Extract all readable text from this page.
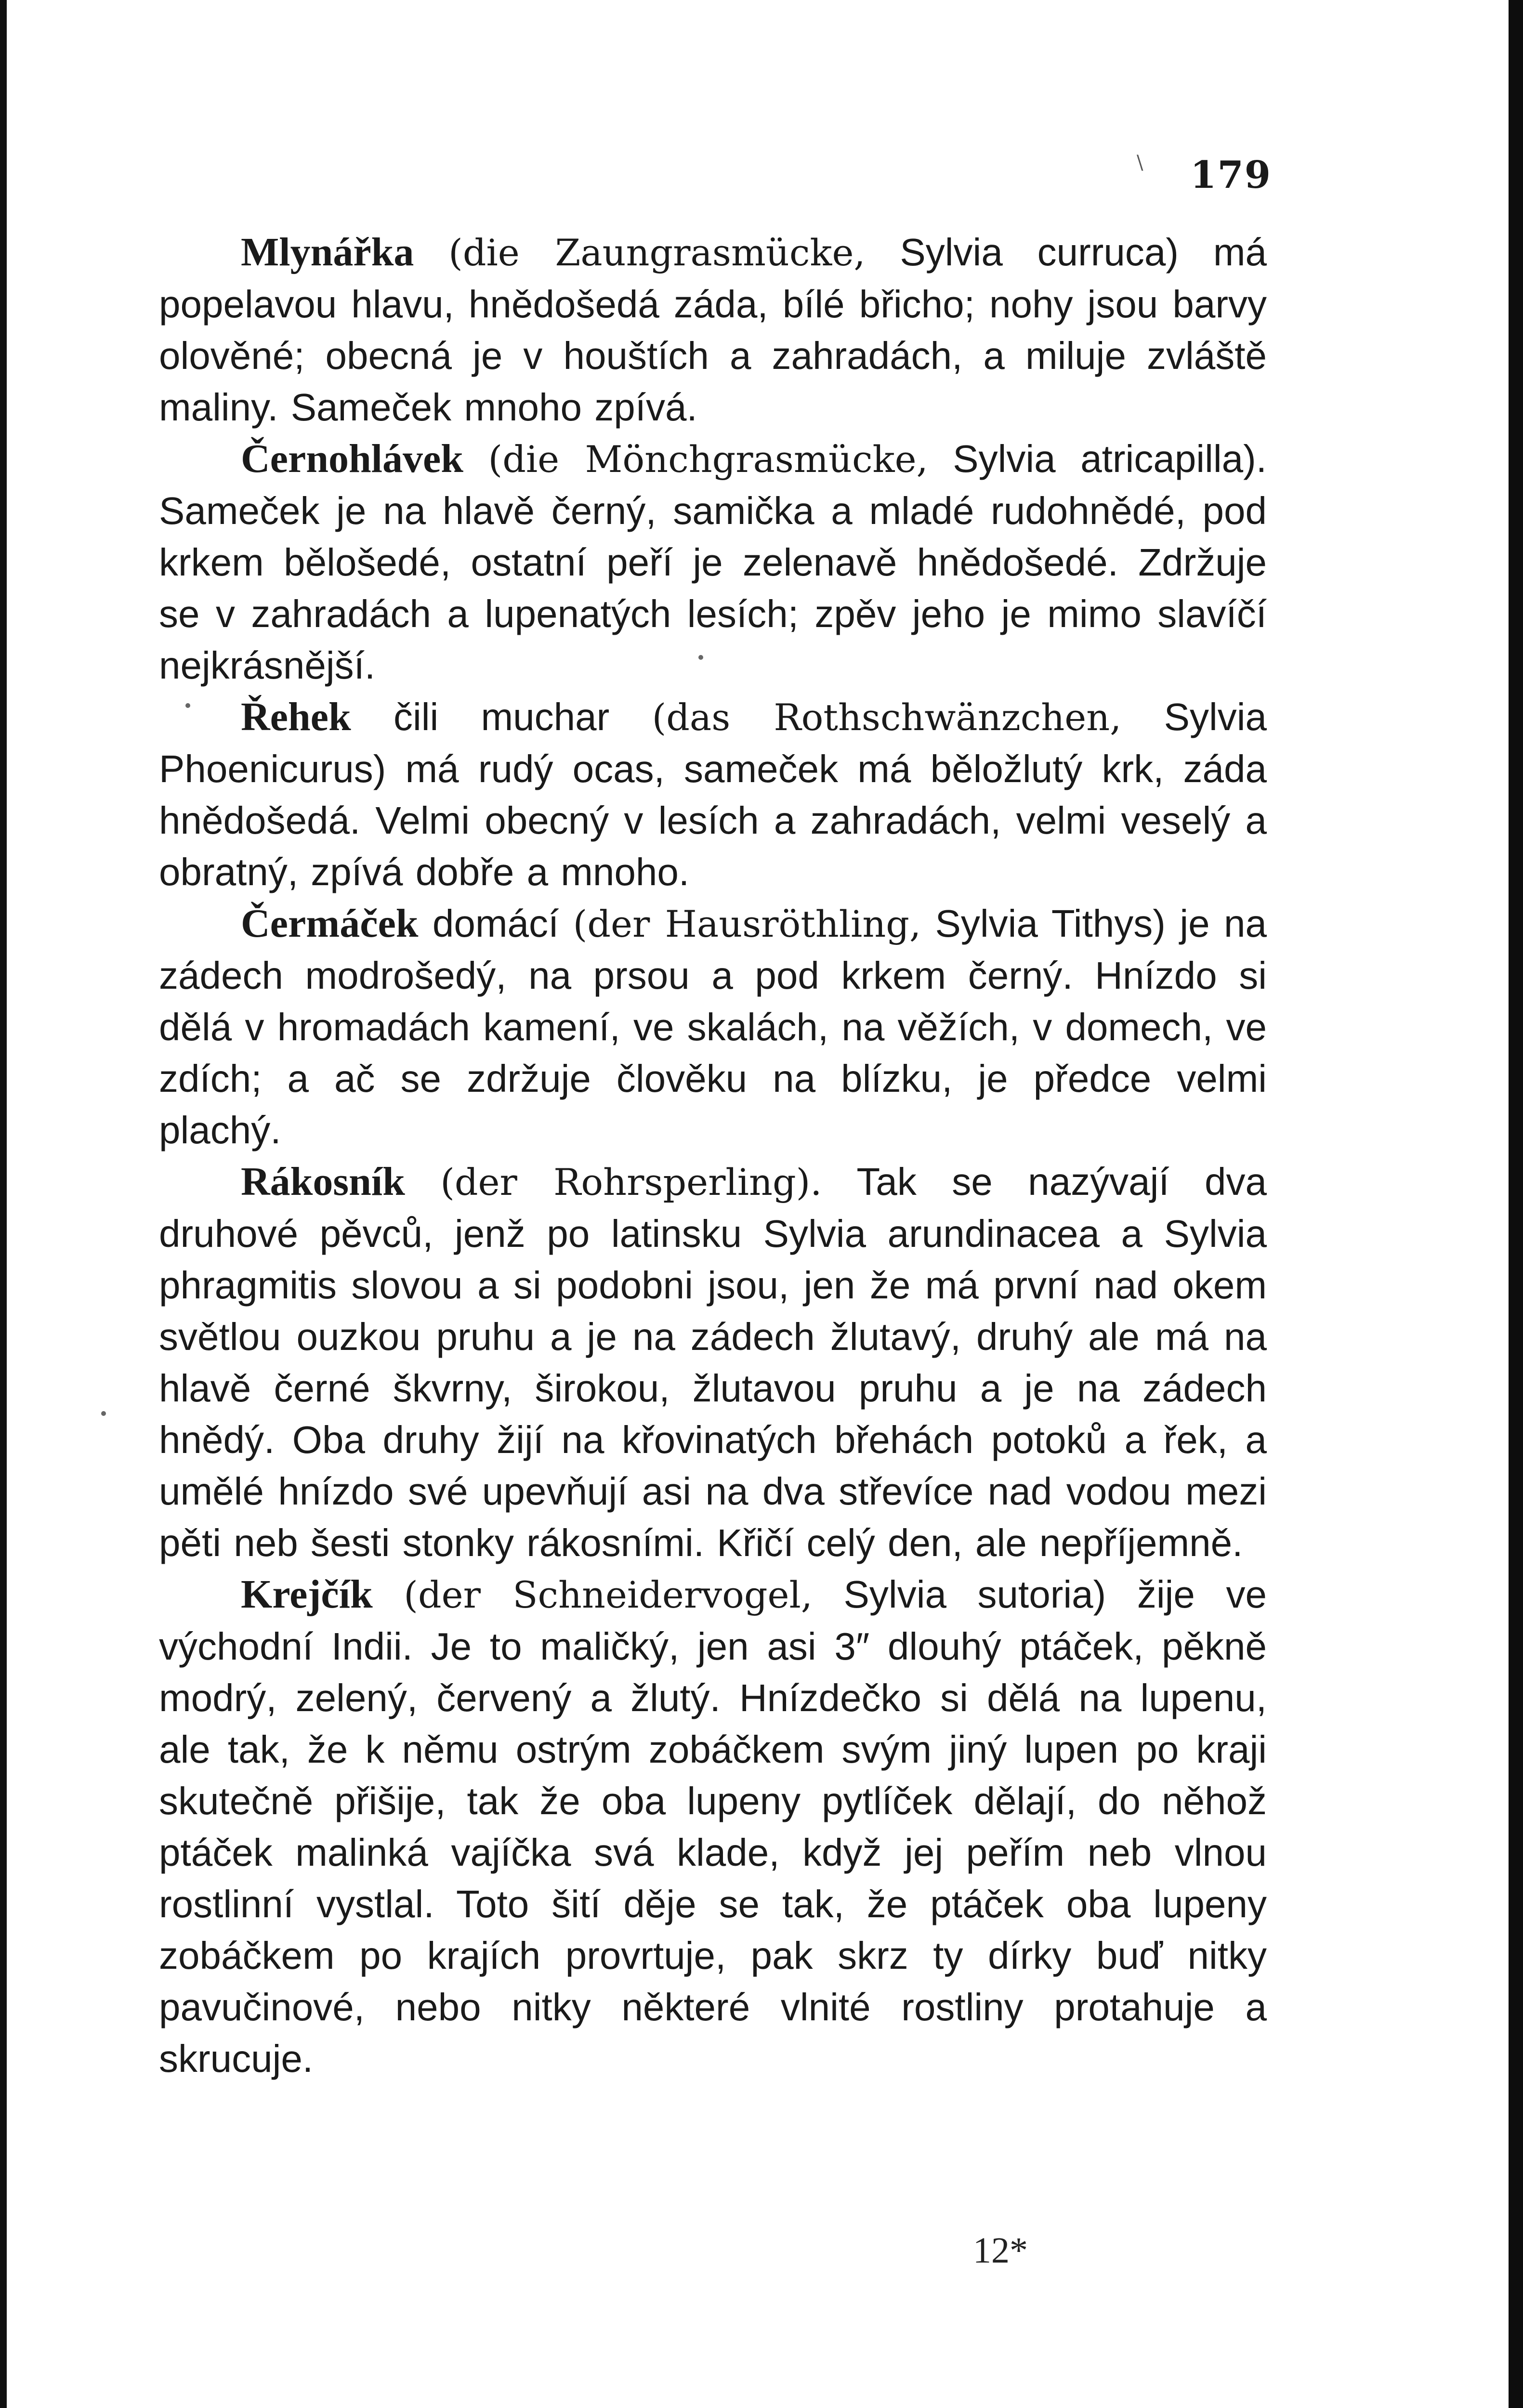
\	179

Mlynářka (die Zaungrasmücke, Sylvia curruca) má popelavou hlavu, hnědošedá záda, bílé břicho; nohy jsou barvy olověné; obecná je v houštích a zahradách, a miluje zvláště maliny. Sameček mnoho zpívá.

Černohlávek (die Mönchgrasmücke, Sylvia atricapilla). Sameček je na hlavě černý, samička a mladé rudohnědé, pod krkem bělošedé, ostatní peří je zelenavě hnědošedé. Zdržuje se v zahradách a lupenatých lesích; zpěv jeho je mimo slavíčí nejkrásnější.

Řehek čili muchar (das Rothschwänzchen, Sylvia Phoenicurus) má rudý ocas, sameček má běložlutý krk, záda hnědošedá. Velmi obecný v lesích a zahradách, velmi veselý a obratný, zpívá dobře a mnoho.

Čermáček domácí (der Hausröthling, Sylvia Tithys) je na zádech modrošedý, na prsou a pod krkem černý. Hnízdo si dělá v hromadách kamení, ve skalách, na věžích, v domech, ve zdích; a ač se zdržuje člověku na blízku, je předce velmi plachý.

Rákosník (der Rohrsperling). Tak se nazývají dva druhové pěvců, jenž po latinsku Sylvia arundinacea a Sylvia phragmitis slovou a si podobni jsou, jen že má první nad okem světlou ouzkou pruhu a je na zádech žlutavý, druhý ale má na hlavě černé škvrny, širokou, žlutavou pruhu a je na zádech hnědý. Oba druhy žijí na křovinatých břehách potoků a řek, a umělé hnízdo své upevňují asi na dva střevíce nad vodou mezi pěti neb šesti stonky rákosními. Křičí celý den, ale nepříjemně.

Krejčík (der Schneidervogel, Sylvia sutoria) žije ve východní Indii. Je to maličký, jen asi 3″ dlouhý ptáček, pěkně modrý, zelený, červený a žlutý. Hnízdečko si dělá na lupenu, ale tak, že k němu ostrým zobáčkem svým jiný lupen po kraji skutečně přišije, tak že oba lupeny pytlíček dělají, do něhož ptáček malinká vajíčka svá klade, když jej peřím neb vlnou rostlinní vystlal. Toto šití děje se tak, že ptáček oba lupeny zobáčkem po krajích provrtuje, pak skrz ty dírky buď nitky pavučinové, nebo nitky některé vlnité rostliny protahuje a skrucuje.

12*
